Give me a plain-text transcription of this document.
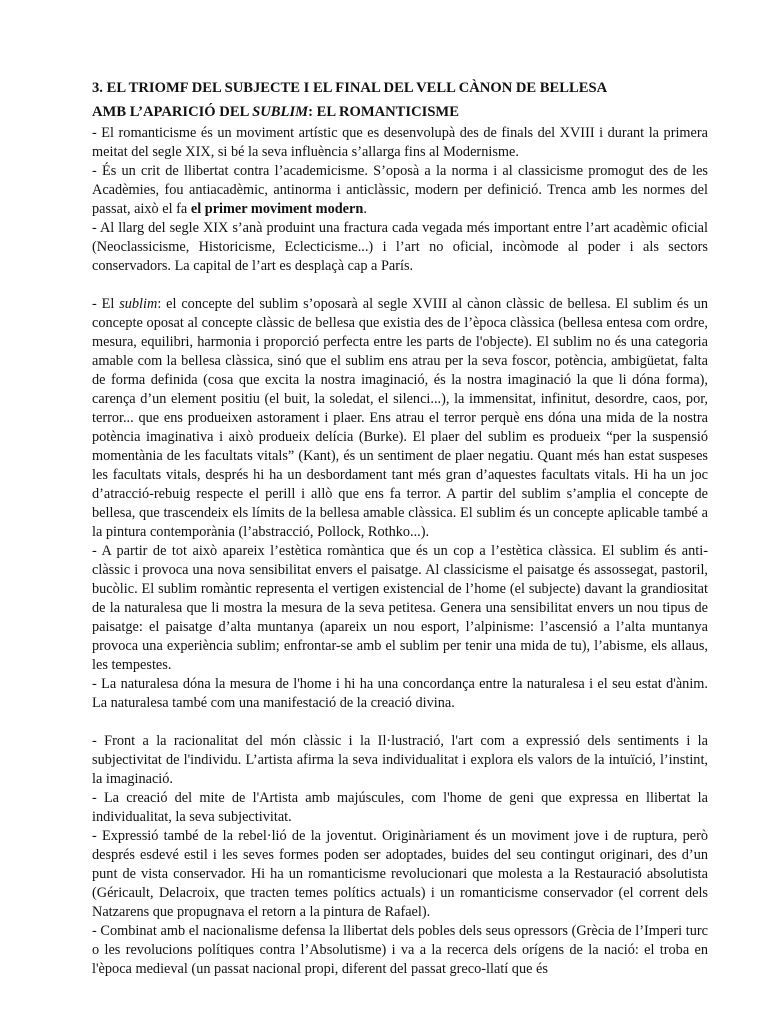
3. EL TRIOMF DEL SUBJECTE I EL FINAL DEL VELL CÀNON DE BELLESA

AMB L’APARICIÓ DEL SUBLIM: EL ROMANTICISME

- El romanticisme és un moviment artístic que es desenvolupà des de finals del XVIII i durant la primera meitat del segle XIX, si bé la seva influència s’allarga fins al Modernisme.

- És un crit de llibertat contra l’academicisme. S’oposà a la norma i al classicisme promogut des de les Acadèmies, fou antiacadèmic, antinorma i anticlàssic, modern per definició. Trenca amb les normes del passat, això el fa el primer moviment modern.

- Al llarg del segle XIX s’anà produint una fractura cada vegada més important entre l’art acadèmic oficial (Neoclassicisme, Historicisme, Eclecticisme...) i l’art no oficial, incòmode al poder i als sectors conservadors. La capital de l’art es desplaçà cap a París.

- El sublim: el concepte del sublim s’oposarà al segle XVIII al cànon clàssic de bellesa. El sublim és un concepte oposat al concepte clàssic de bellesa que existia des de l’època clàssica (bellesa entesa com ordre, mesura, equilibri, harmonia i proporció perfecta entre les parts de l'objecte). El sublim no és una categoria amable com la bellesa clàssica, sinó que el sublim ens atrau per la seva foscor, potència, ambigüetat, falta de forma definida (cosa que excita la nostra imaginació, és la nostra imaginació la que li dóna forma), carença d’un element positiu (el buit, la soledat, el silenci...), la immensitat, infinitut, desordre, caos, por, terror... que ens produeixen astorament i plaer. Ens atrau el terror perquè ens dóna una mida de la nostra potència imaginativa i això produeix delícia (Burke). El plaer del sublim es produeix “per la suspensió momentània de les facultats vitals” (Kant), és un sentiment de plaer negatiu. Quant més han estat suspeses les facultats vitals, després hi ha un desbordament tant més gran d’aquestes facultats vitals. Hi ha un joc d’atracció-rebuig respecte el perill i allò que ens fa terror. A partir del sublim s’amplia el concepte de bellesa, que trascendeix els límits de la bellesa amable clàssica. El sublim és un concepte aplicable també a la pintura contemporània (l’abstracció, Pollock, Rothko...).

- A partir de tot això apareix l’estètica romàntica que és un cop a l’estètica clàssica. El sublim és anti-clàssic i provoca una nova sensibilitat envers el paisatge. Al classicisme el paisatge és assossegat, pastoril, bucòlic. El sublim romàntic representa el vertigen existencial de l’home (el subjecte) davant la grandiositat de la naturalesa que li mostra la mesura de la seva petitesa. Genera una sensibilitat envers un nou tipus de paisatge: el paisatge d’alta muntanya (apareix un nou esport, l’alpinisme: l’ascensió a l’alta muntanya provoca una experiència sublim; enfrontar-se amb el sublim per tenir una mida de tu), l’abisme, els allaus, les tempestes.

- La naturalesa dóna la mesura de l'home i hi ha una concordança entre la naturalesa i el seu estat d'ànim. La naturalesa també com una manifestació de la creació divina.

- Front a la racionalitat del món clàssic i la Il·lustració, l'art com a expressió dels sentiments i la subjectivitat de l'individu. L’artista afirma la seva individualitat i explora els valors de la intuïció, l’instint, la imaginació.

- La creació del mite de l'Artista amb majúscules, com l'home de geni que expressa en llibertat la individualitat, la seva subjectivitat.

- Expressió també de la rebel·lió de la joventut. Originàriament és un moviment jove i de ruptura, però després esdevé estil i les seves formes poden ser adoptades, buides del seu contingut originari, des d’un punt de vista conservador. Hi ha un romanticisme revolucionari que molesta a la Restauració absolutista (Géricault, Delacroix, que tracten temes polítics actuals) i un romanticisme conservador (el corrent dels Natzarens que propugnava el retorn a la pintura de Rafael).

- Combinat amb el nacionalisme defensa la llibertat dels pobles dels seus opressors (Grècia de l’Imperi turc o les revolucions polítiques contra l’Absolutisme) i va a la recerca dels orígens de la nació: el troba en l'època medieval (un passat nacional propi, diferent del passat greco-llatí que és
